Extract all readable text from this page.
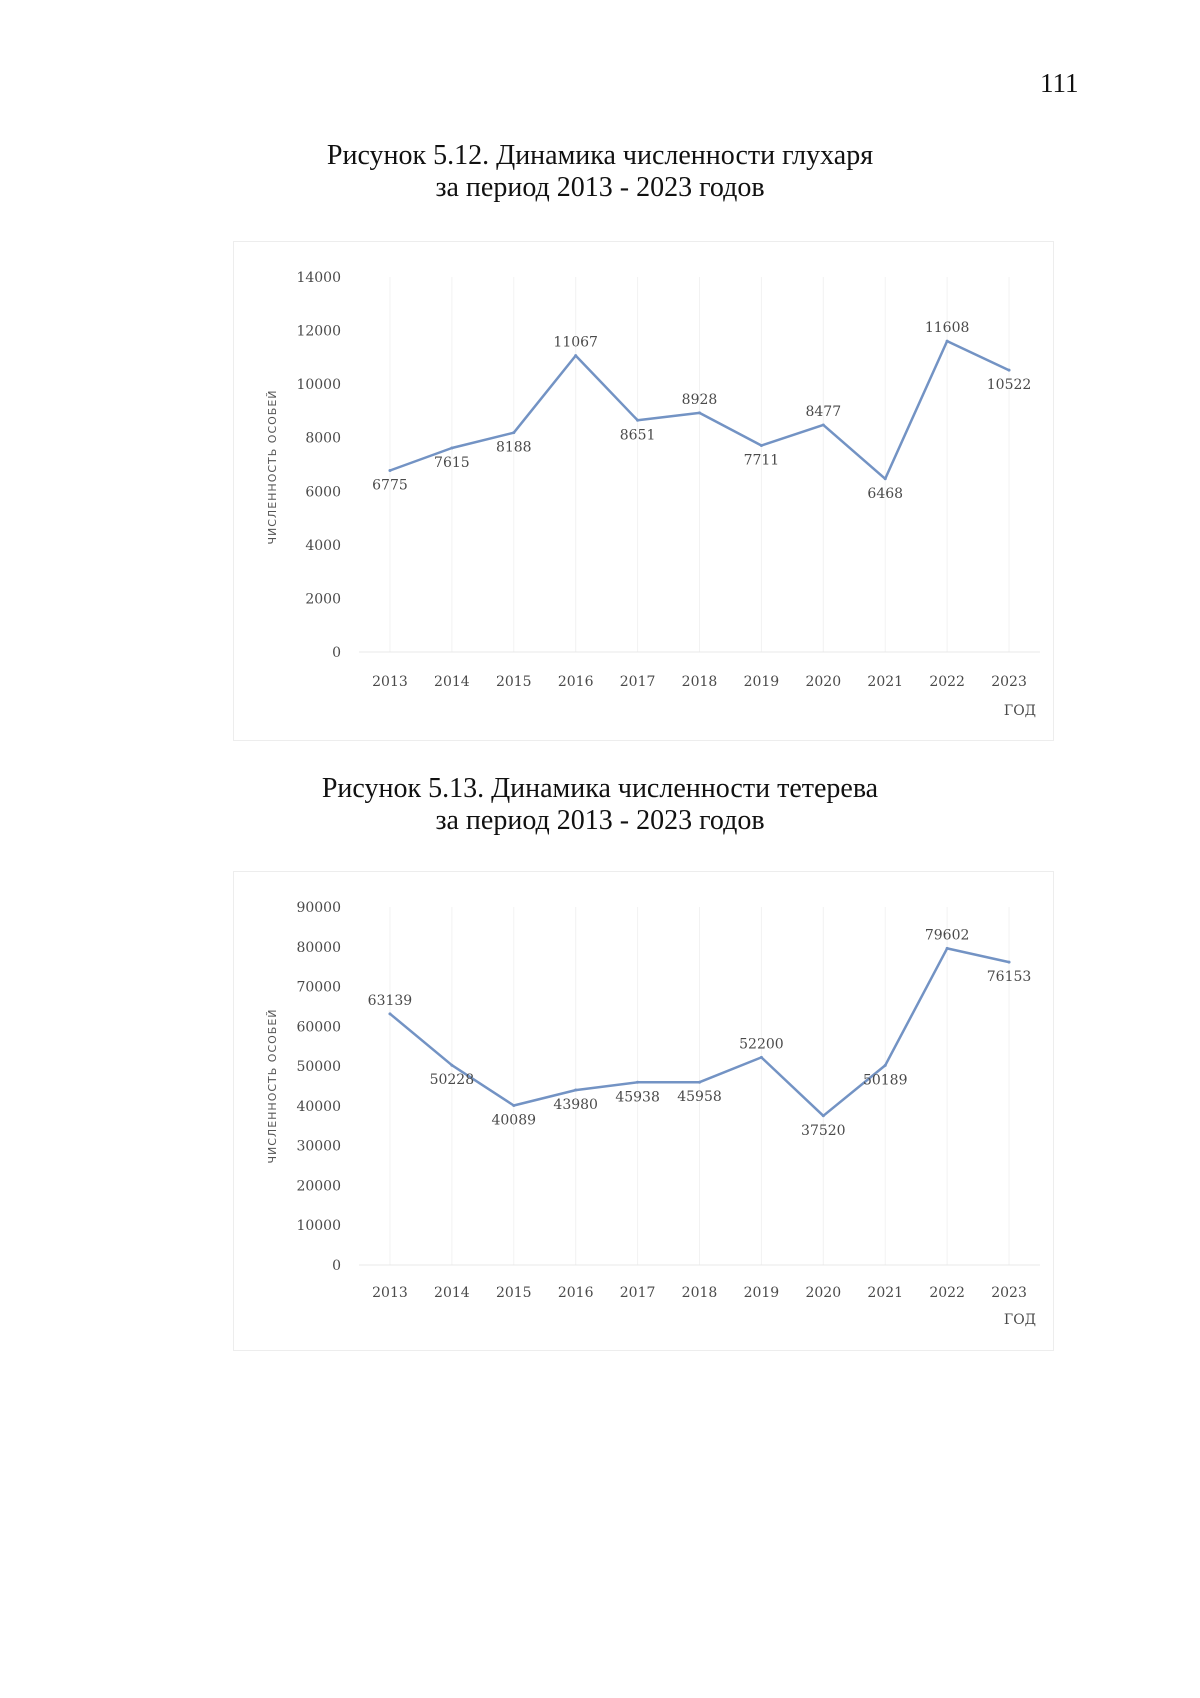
111
Рисунок 5.12. Динамика численности глухаря
за период 2013 - 2023 годов
0
2000
4000
6000
8000
10000
12000
14000
2013 2014 2015 2016 2017 2018 2019 2020 2021 2022 2023
ГОД
ЧИСЛЕННОСТЬ ОСОБЕЙ	6775
7615
8188
11067
8651
8928
7711
8477
6468
11608
10522
Рисунок 5.13. Динамика численности тетерева
за период 2013 - 2023 годов
0
10000
20000
30000
40000
50000
60000
70000
80000
90000
2013 2014 2015 2016 2017 2018 2019 2020 2021 2022 2023
ГОД
ЧИСЛЕННОСТЬ ОСОБЕЙ
63139
50228
40089
43980 45938 45958
52200
37520
50189
79602
76153
